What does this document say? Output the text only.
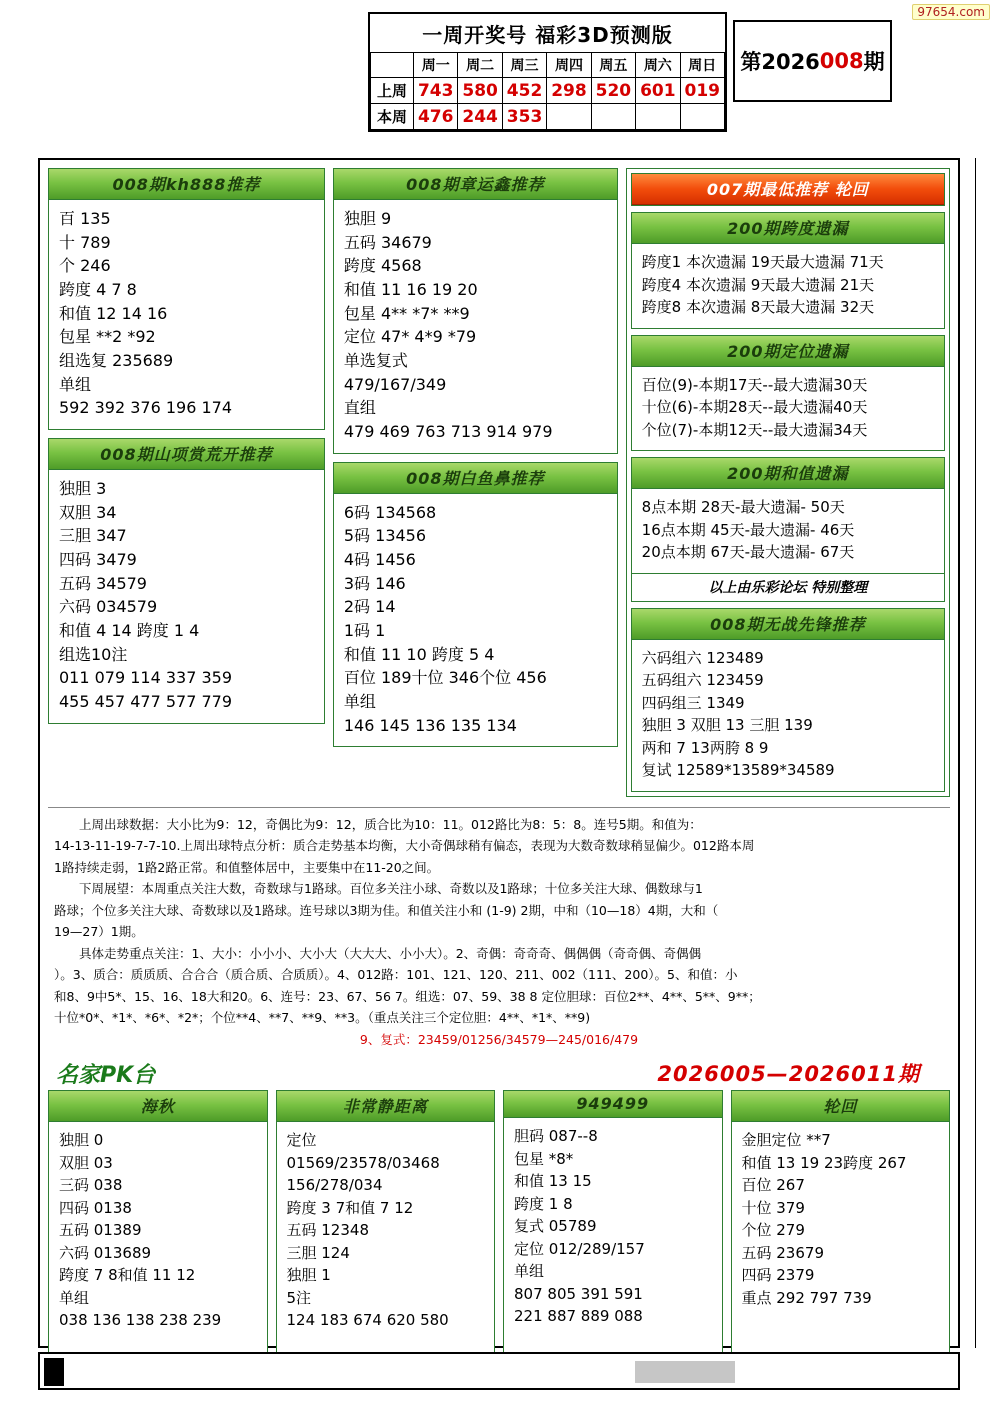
97654.com
一周开奖号 福彩3D预测版
	周一	周二	周三	周四	周五	周六	周日
上周	743	580	452	298	520	601	019
本周	476	244	353				
第2026 008 期
008期kh888推荐
百 135
十 789
个 246
跨度 4 7 8
和值 12 14 16
包星 **2 *92
组选复 235689
单组
592 392 376 196 174
008期山项赏荒开推荐
独胆 3
双胆 34
三胆 347
四码 3479
五码 34579
六码 034579
和值 4 14 跨度 1 4
组选10注
011 079 114 337 359
455 457 477 577 779
008期章运鑫推荐
独胆 9
五码 34679
跨度 4568
和值 11 16 19 20
包星 4** *7* **9
定位 47* 4*9 *79
单选复式
479/167/349
直组
479 469 763 713 914 979
008期白鱼鼻推荐
6码 134568
5码 13456
4码 1456
3码 146
2码 14
1码 1
和值 11 10 跨度 5 4
百位 189十位 346个位 456
单组
146 145 136 135 134
007期最低推荐 轮回
200期跨度遗漏
跨度1 本次遗漏 19天最大遗漏 71天
跨度4 本次遗漏 9天最大遗漏 21天
跨度8 本次遗漏 8天最大遗漏 32天
200期定位遗漏
百位(9)-本期17天--最大遗漏30天
十位(6)-本期28天--最大遗漏40天
个位(7)-本期12天--最大遗漏34天
200期和值遗漏
8点本期 28天-最大遗漏- 50天
16点本期 45天-最大遗漏- 46天
20点本期 67天-最大遗漏- 67天
以上由乐彩论坛 特别整理
008期无战先锋推荐
六码组六 123489
五码组六 123459
四码组三 1349
独胆 3 双胆 13 三胆 139
两和 7 13两胯 8 9
复试 12589*13589*34589

上周出球数据：大小比为9：12，奇偶比为9：12，质合比为10：11。012路比为8：5：8。连号5期。和值为：

14-13-11-19-7-7-10.上周出球特点分析：质合走势基本均衡，大小奇偶球稍有偏态，表现为大数奇数球稍显偏少。012路本周

1路持续走弱，1路2路正常。和值整体居中，主要集中在11-20之间。

下周展望：本周重点关注大数，奇数球与1路球。百位多关注小球、奇数以及1路球；十位多关注大球、偶数球与1

路球；个位多关注大球、奇数球以及1路球。连号球以3期为佳。和值关注小和 (1-9) 2期，中和（10—18）4期，大和（

19—27）1期。

具体走势重点关注：1、大小：小小小、大小大（大大大、小小大）。2、奇偶：奇奇奇、偶偶偶（奇奇偶、奇偶偶

）。3、质合：质质质、合合合（质合质、合质质）。4、012路：101、121、120、211、002（111、200）。5、和值：小

和8、9中5*、15、16、18大和20。6、连号：23、67、56 7。组选：07、59、38 8 定位胆球：百位2**、4**、5**、9**；

十位*0*、*1*、*6*、*2*；个位**4、**7、**9、**3。（重点关注三个定位胆：4**、*1*、**9)

9、复式：23459/01256/34579—245/016/479

名家PK台	2026005—2026011期
海秋
独胆 0
双胆 03
三码 038
四码 0138
五码 01389
六码 013689
跨度 7 8和值 11 12
单组
038 136 138 238 239
非常静距离
定位
01569/23578/03468
156/278/034
跨度 3 7和值 7 12
五码 12348
三胆 124
独胆 1
5注
124 183 674 620 580
949499
胆码 087--8
包星 *8*
和值 13 15
跨度 1 8
复式 05789
定位 012/289/157
单组
807 805 391 591
221 887 889 088
轮回
金胆定位 **7
和值 13 19 23跨度 267
百位 267
十位 379
个位 279
五码 23679
四码 2379
重点 292 797 739
